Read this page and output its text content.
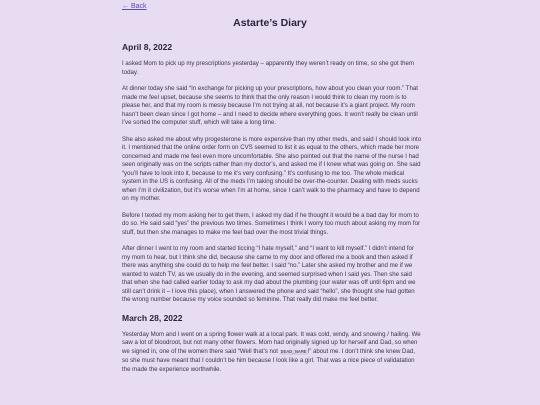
← Back
Astarte’s Diary
April 8, 2022

I asked Mom to pick up my prescriptions yesterday – apparently they weren’t ready on time, so she got them today.

At dinner today she said “In exchange for picking up your prescriptions, how about you clean your room.” That made me feel upset, because she seems to think that the only reason I would think to clean my room is to please her, and that my room is messy because I’m not trying at all, not because it’s a giant project. My room hasn’t been clean since I got home – and I need to decide where everything goes. It won’t really be clean until I’ve sorted the computer stuff, which will take a long time.

She also asked me about why progesterone is more expensive than my other meds, and said I should look into it. I mentioned that the online order form on CVS seemed to list it as equal to the others, which made her more concerned and made me feel even more uncomfortable. She also pointed out that the name of the nurse I had seen originally was on the scripts rather than my doctor’s, and asked me if I knew what was going on. She said “you’ll have to look into it, because to me it’s very confusing.” It’s confusing to me too. The whole medical system in the US is confusing. All of the meds I’m taking should be over-the-counter. Dealing with meds sucks when I’m it civilization, but it’s worse when I’m at home, since I can’t walk to the pharmacy and have to depend on my mother.

Before I texted my mom asking her to get them, I asked my dad if he thought it would be a bad day for mom to do so. He said said “yes” the previous two times. Sometimes I think I worry too much about asking my mom for stuff, but then she manages to make me feel bad over the most trivial things.

After dinner I went to my room and started ticcing “I hate myself,” and “I want to kill myself.” I didn’t intend for my mom to hear, but I think she did, because she came to my door and offered me a book and then asked if there was anything she could do to help me feel better. I said “no.” Later she asked my brother and me if we wanted to watch TV, as we usually do in the evening, and seemed surprised when I said yes. Then she said that when she had called earlier today to ask my dad about the plumbing (our water was off until 6pm and we still can’t drink it – I love this place), when I answered the phone and said “hello”, she thought she had gotten the wrong number because my voice sounded so feminine. That really did make me feel better.

March 28, 2022

Yesterday Mom and I went on a spring flower walk at a local park. It was cold, windy, and snowing / hailing. We saw a lot of bloodroot, but not many other flowers. Mom had originally signed up for herself and Dad, so when we signed in, one of the women there said “Well that’s not DEAD_NAME!” about me. I don’t think she knew Dad, so she must have meant that I couldn’t be him because I look like a girl. That was a nice piece of validatation the made the experience worthwhile.
